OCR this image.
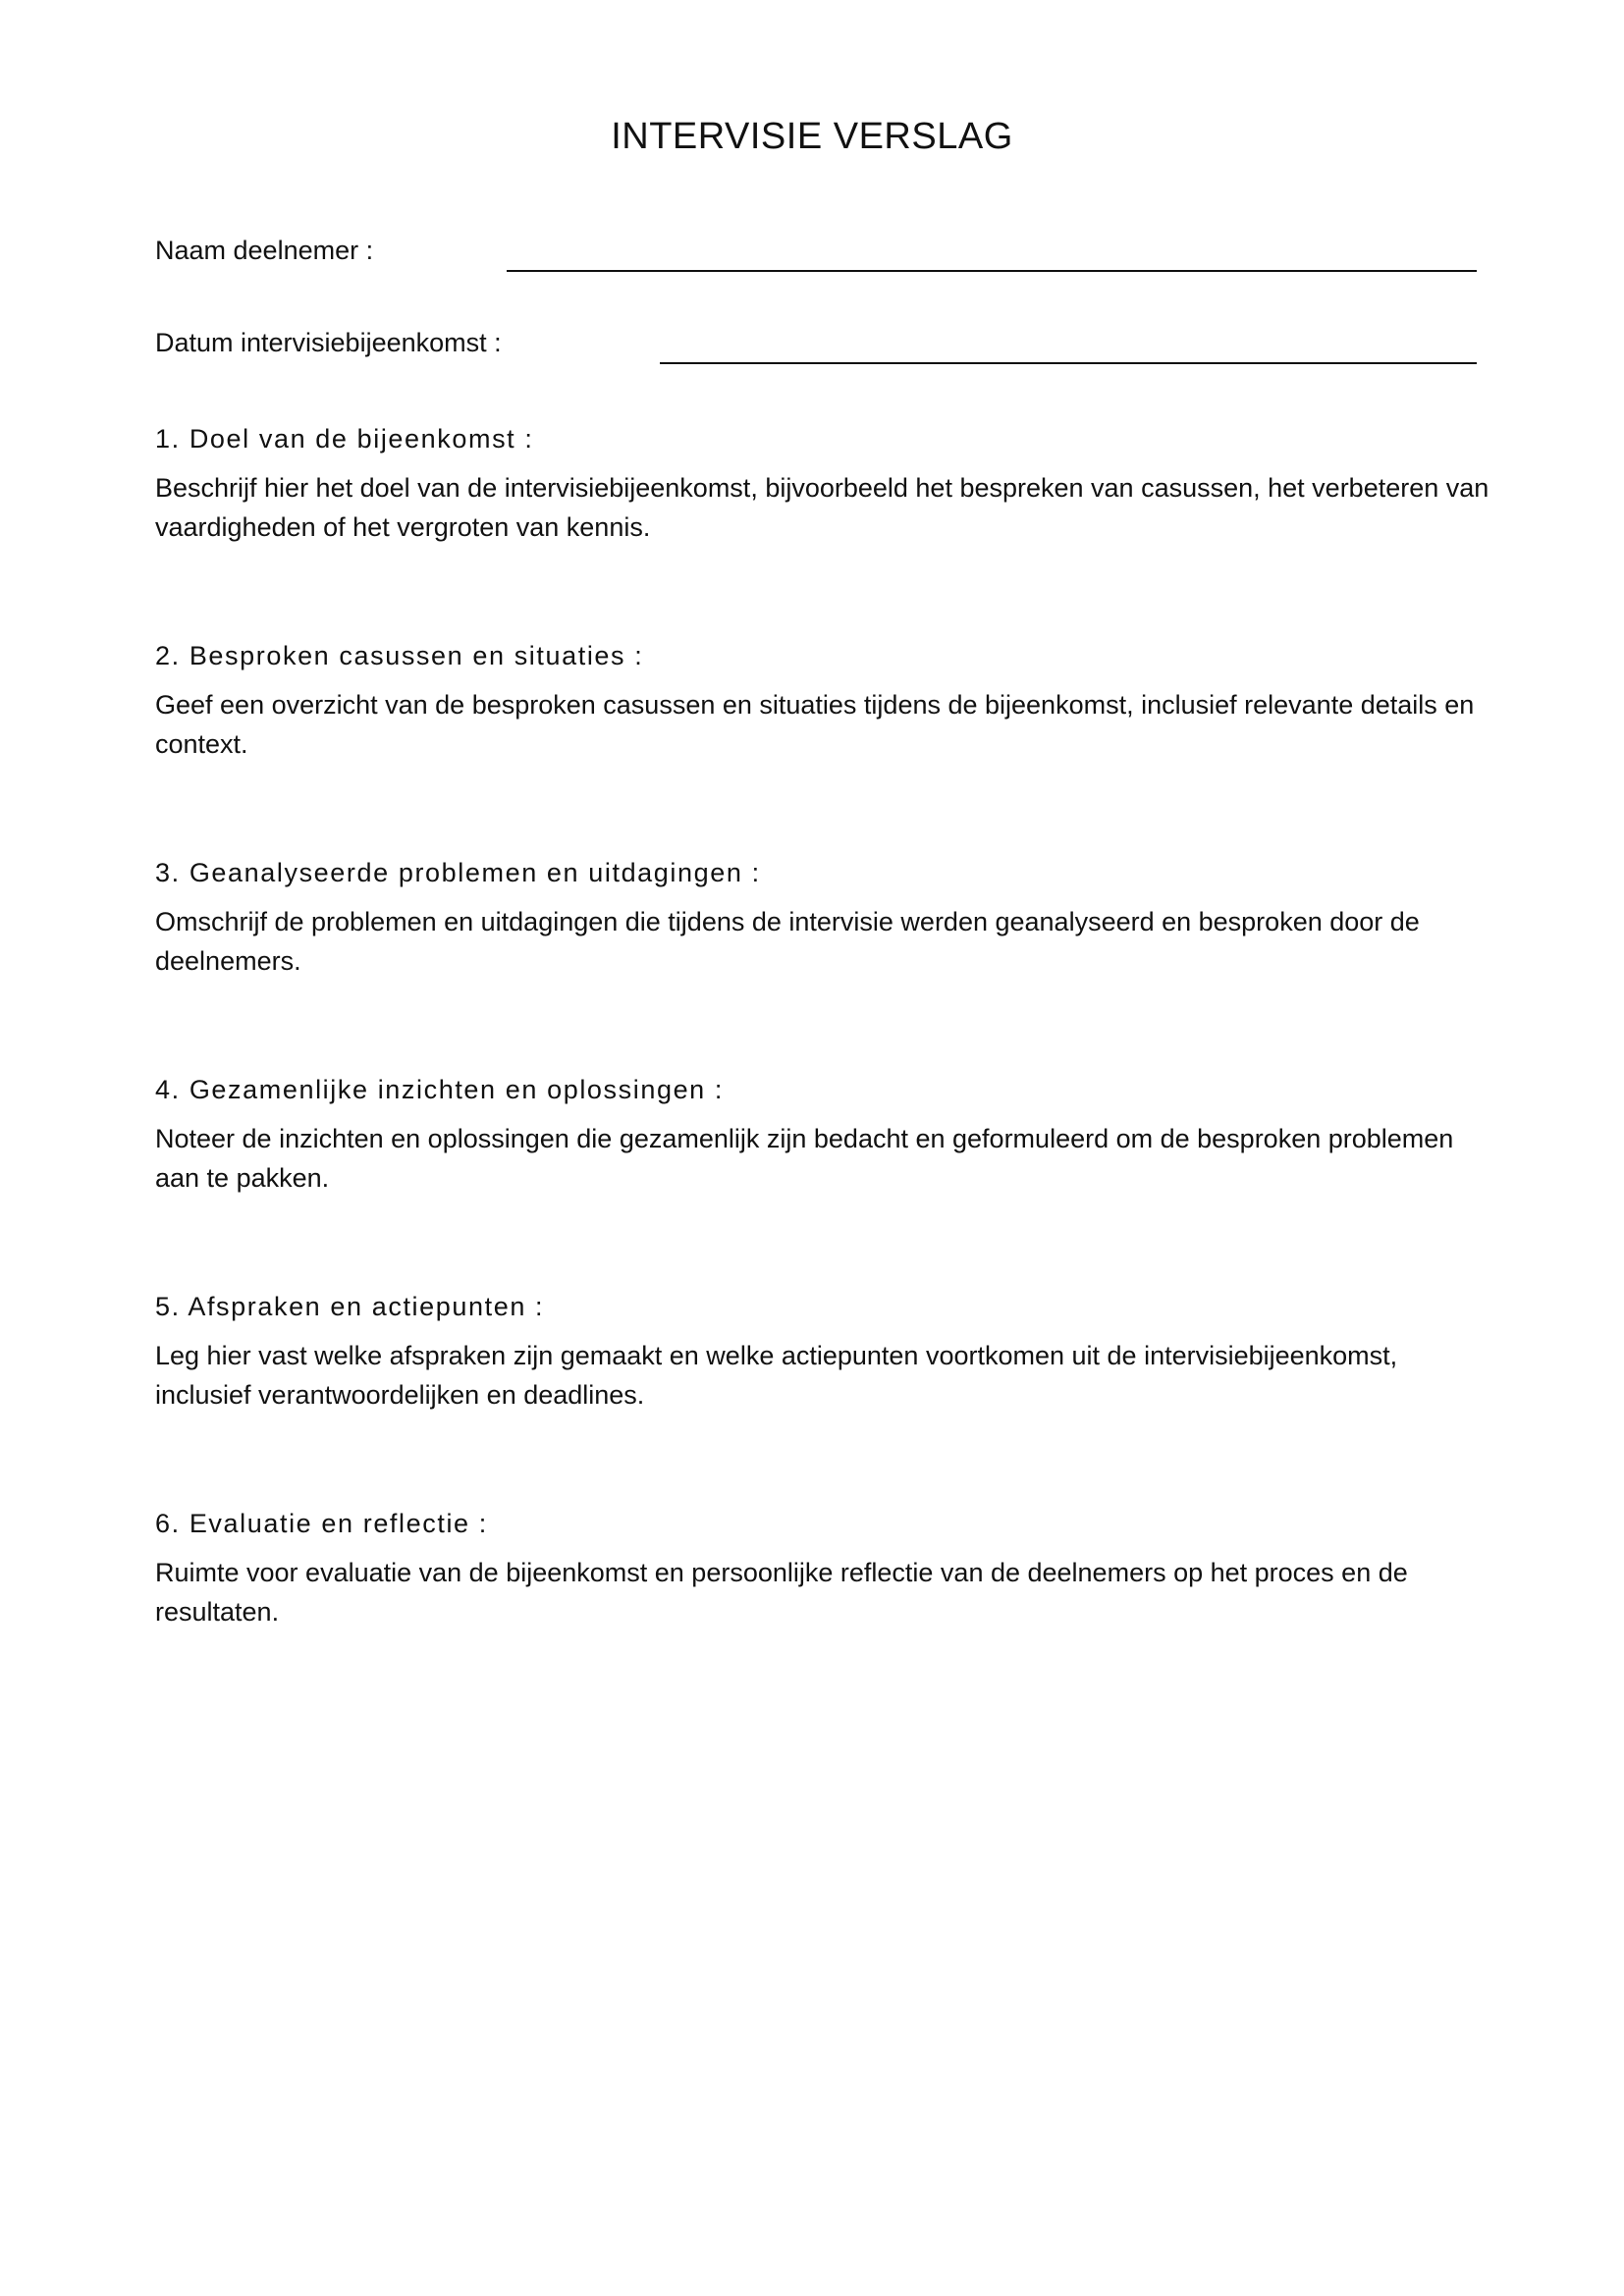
INTERVISIE VERSLAG
Naam deelnemer :
Datum intervisiebijeenkomst :

1. Doel van de bijeenkomst :

Beschrijf hier het doel van de intervisiebijeenkomst, bijvoorbeeld het bespreken van casussen, het verbeteren van vaardigheden of het vergroten van kennis.

2. Besproken casussen en situaties :

Geef een overzicht van de besproken casussen en situaties tijdens de bijeenkomst, inclusief relevante details en context.

3. Geanalyseerde problemen en uitdagingen :

Omschrijf de problemen en uitdagingen die tijdens de intervisie werden geanalyseerd en besproken door de deelnemers.

4. Gezamenlijke inzichten en oplossingen :

Noteer de inzichten en oplossingen die gezamenlijk zijn bedacht en geformuleerd om de besproken problemen aan te pakken.

5. Afspraken en actiepunten :

Leg hier vast welke afspraken zijn gemaakt en welke actiepunten voortkomen uit de intervisiebijeenkomst, inclusief verantwoordelijken en deadlines.

6. Evaluatie en reflectie :

Ruimte voor evaluatie van de bijeenkomst en persoonlijke reflectie van de deelnemers op het proces en de resultaten.
